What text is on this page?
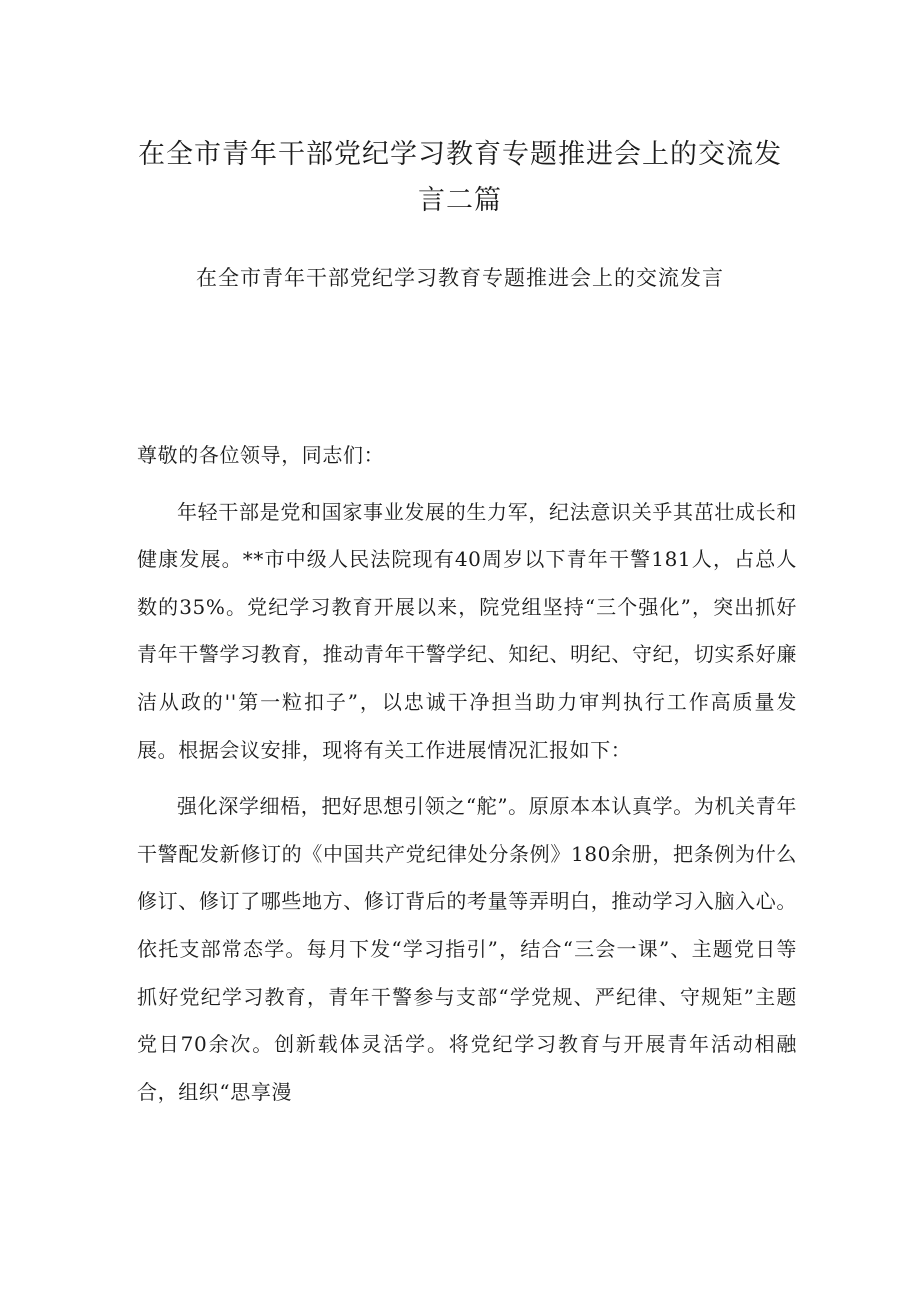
在全市青年干部党纪学习教育专题推进会上的交流发言二篇
在全市青年干部党纪学习教育专题推进会上的交流发言

尊敬的各位领导，同志们：

年轻干部是党和国家事业发展的生力军，纪法意识关乎其茁壮成长和健康发展。**市中级人民法院现有40周岁以下青年干警181人，占总人数的35%。党纪学习教育开展以来，院党组坚持“三个强化”，突出抓好青年干警学习教育，推动青年干警学纪、知纪、明纪、守纪，切实系好廉洁从政的''第一粒扣子”，以忠诚干净担当助力审判执行工作高质量发展。根据会议安排，现将有关工作进展情况汇报如下：

强化深学细梧，把好思想引领之“舵”。原原本本认真学。为机关青年干警配发新修订的《中国共产党纪律处分条例》180余册，把条例为什么修订、修订了哪些地方、修订背后的考量等弄明白，推动学习入脑入心。依托支部常态学。每月下发“学习指引”，结合“三会一课”、主题党日等抓好党纪学习教育，青年干警参与支部“学党规、严纪律、守规矩”主题党日70余次。创新载体灵活学。将党纪学习教育与开展青年活动相融合，组织“思享漫
